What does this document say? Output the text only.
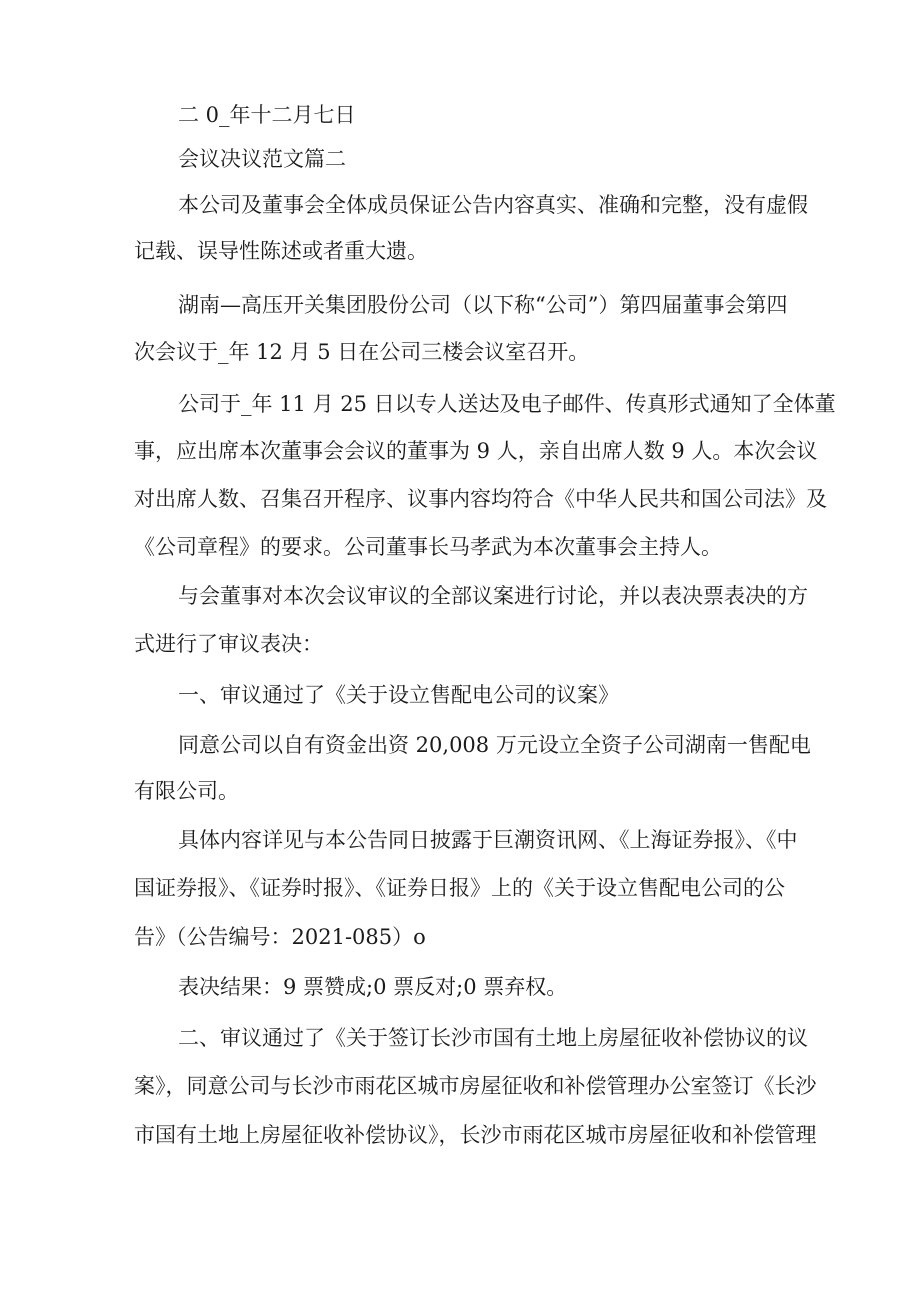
二 0_年十二月七日

会议决议范文篇二

本公司及董事会全体成员保证公告内容真实、准确和完整，没有虚假

记载、误导性陈述或者重大遗。

湖南—高压开关集团股份公司（以下称“公司”）第四届董事会第四

次会议于_年 12 月 5 日在公司三楼会议室召开。

公司于_年 11 月 25 日以专人送达及电子邮件、传真形式通知了全体董

事，应出席本次董事会会议的董事为 9 人，亲自出席人数 9 人。本次会议

对出席人数、召集召开程序、议事内容均符合《中华人民共和国公司法》及

《公司章程》的要求。公司董事长马孝武为本次董事会主持人。

与会董事对本次会议审议的全部议案进行讨论，并以表决票表决的方

式进行了审议表决：

一、审议通过了《关于设立售配电公司的议案》

同意公司以自有资金出资 20,008 万元设立全资子公司湖南一售配电

有限公司。

具体内容详见与本公告同日披露于巨潮资讯网、《上海证券报》、《中

国证券报》、《证券时报》、《证券日报》上的《关于设立售配电公司的公

告》（公告编号：2021-085）o

表决结果：9 票赞成;0 票反对;0 票弃权。

二、审议通过了《关于签订长沙市国有土地上房屋征收补偿协议的议

案》，同意公司与长沙市雨花区城市房屋征收和补偿管理办公室签订《长沙

市国有土地上房屋征收补偿协议》，长沙市雨花区城市房屋征收和补偿管理
